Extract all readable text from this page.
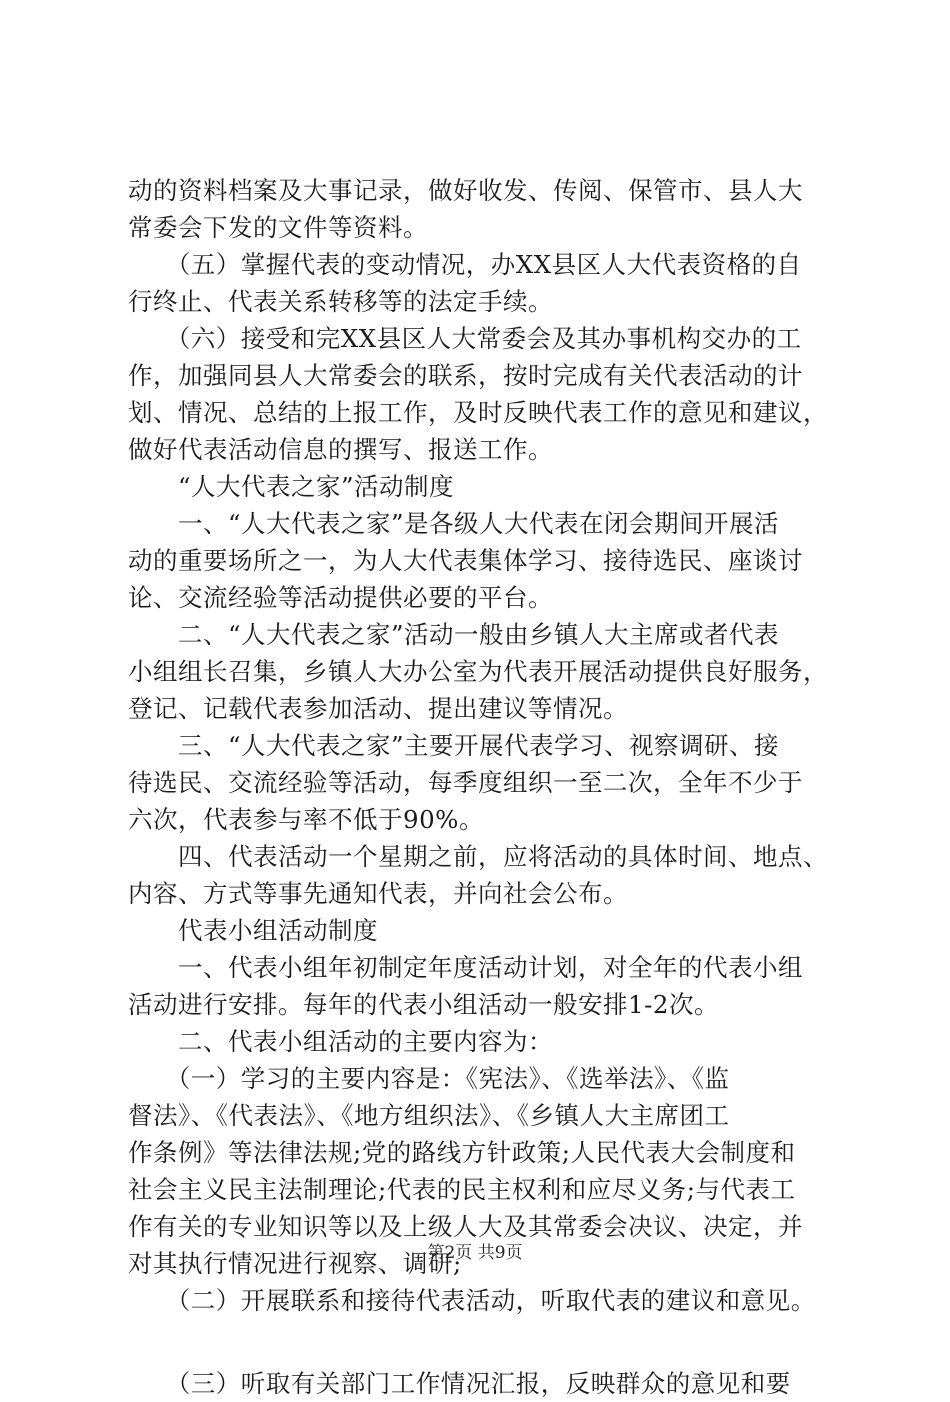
动的资料档案及大事记录，做好收发、传阅、保管市、县人大
常委会下发的文件等资料。
　　（五）掌握代表的变动情况，办XX县区人大代表资格的自
行终止、代表关系转移等的法定手续。
　　（六）接受和完XX县区人大常委会及其办事机构交办的工
作，加强同县人大常委会的联系，按时完成有关代表活动的计
划、情况、总结的上报工作，及时反映代表工作的意见和建议，
做好代表活动信息的撰写、报送工作。
　　“人大代表之家”活动制度
　　一、“人大代表之家”是各级人大代表在闭会期间开展活
动的重要场所之一，为人大代表集体学习、接待选民、座谈讨
论、交流经验等活动提供必要的平台。
　　二、“人大代表之家”活动一般由乡镇人大主席或者代表
小组组长召集，乡镇人大办公室为代表开展活动提供良好服务，
登记、记载代表参加活动、提出建议等情况。
　　三、“人大代表之家”主要开展代表学习、视察调研、接
待选民、交流经验等活动，每季度组织一至二次，全年不少于
六次，代表参与率不低于90%。
　　四、代表活动一个星期之前，应将活动的具体时间、地点、
内容、方式等事先通知代表，并向社会公布。
　　代表小组活动制度
　　一、代表小组年初制定年度活动计划，对全年的代表小组
活动进行安排。每年的代表小组活动一般安排1-2次。
　　二、代表小组活动的主要内容为：
　　（一）学习的主要内容是：《宪法》、《选举法》、《监
督法》、《代表法》、《地方组织法》、《乡镇人大主席团工
作条例》等法律法规;党的路线方针政策;人民代表大会制度和
社会主义民主法制理论;代表的民主权利和应尽义务;与代表工
作有关的专业知识等以及上级人大及其常委会决议、决定，并
对其执行情况进行视察、调研;
　　（二）开展联系和接待代表活动，听取代表的建议和意见。
　　（三）听取有关部门工作情况汇报，反映群众的意见和要
第2页 共9页
